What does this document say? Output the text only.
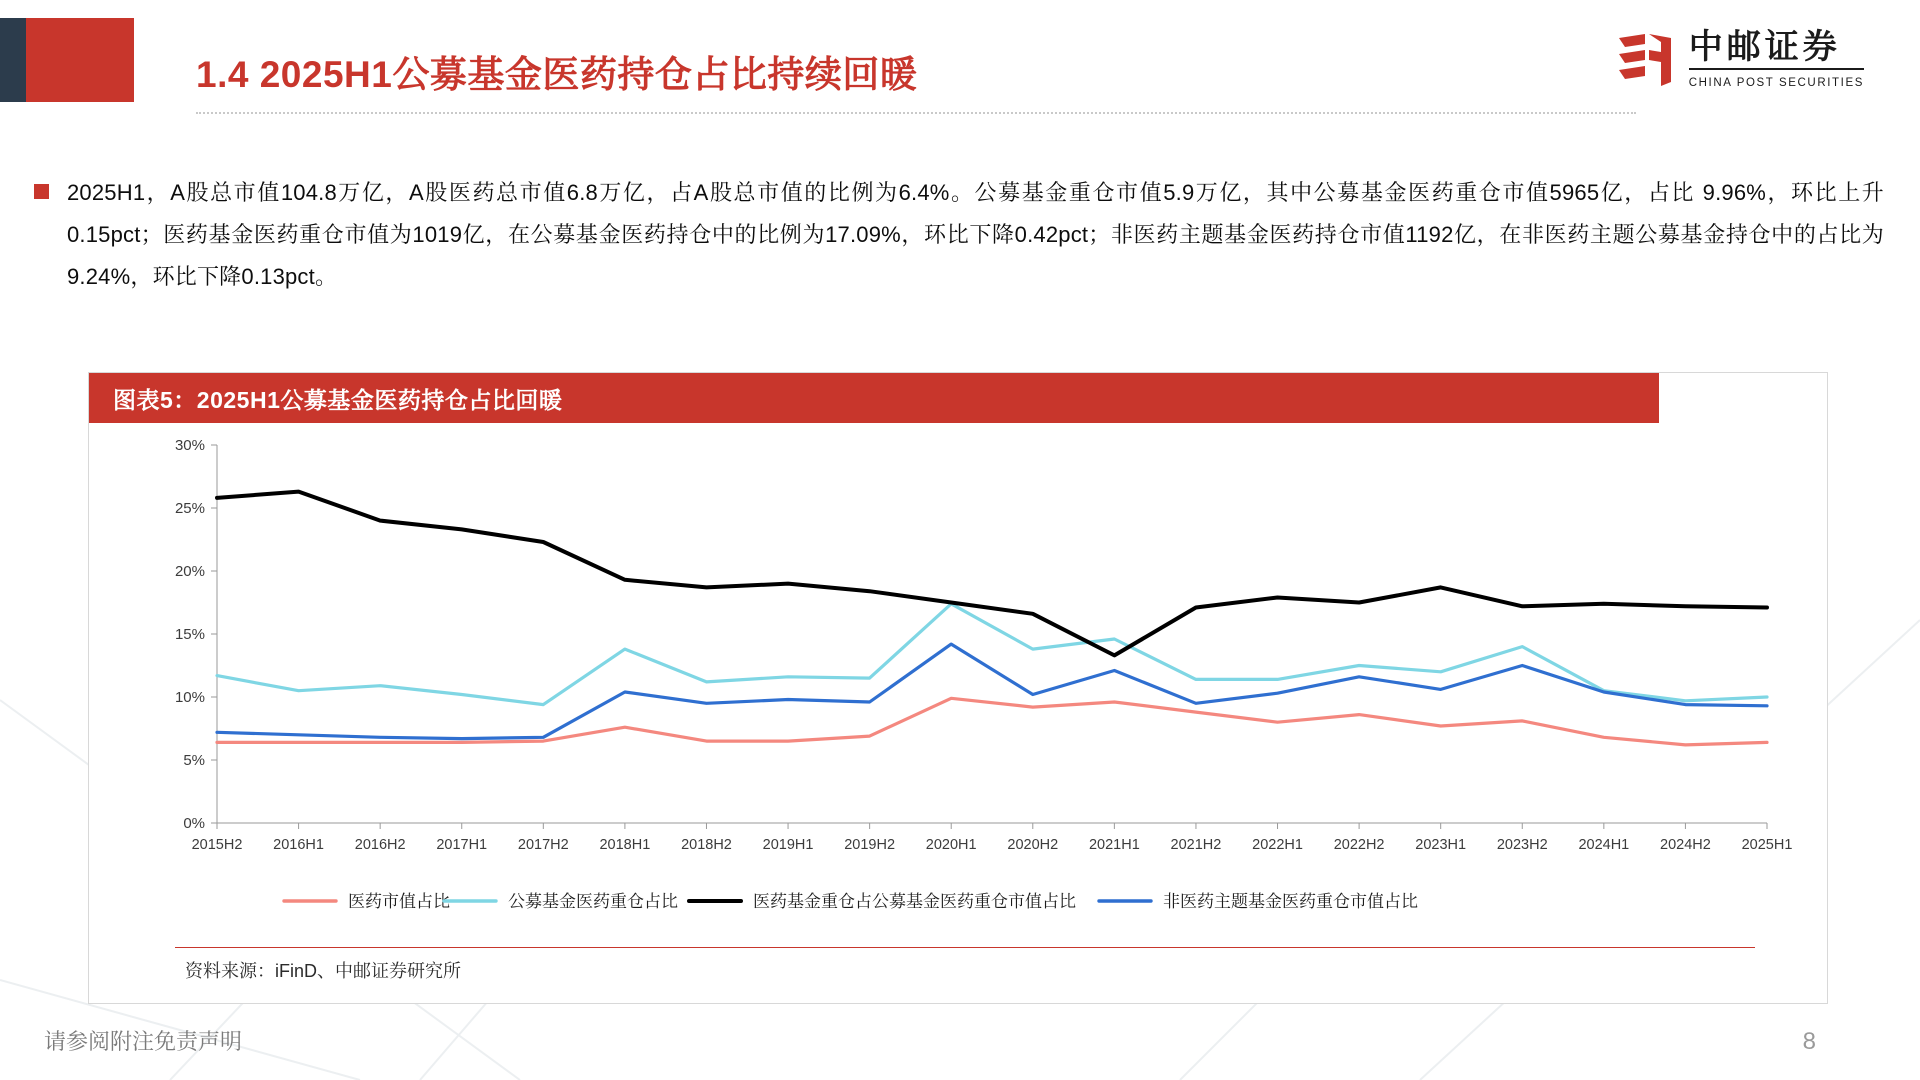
1.4 2025H1公募基金医药持仓占比持续回暖
中邮证券
CHINA POST SECURITIES
2025H1，A股总市值104.8万亿，A股医药总市值6.8万亿，占A股总市值的比例为6.4%。公募基金重仓市值5.9万亿，其中公募基金医药重仓市值5965亿，占比 9.96%，环比上升0.15pct；医药基金医药重仓市值为1019亿，在公募基金医药持仓中的比例为17.09%，环比下降0.42pct；非医药主题基金医药持仓市值1192亿，在非医药主题公募基金持仓中的占比为9.24%，环比下降0.13pct。
图表5：2025H1公募基金医药持仓占比回暖
0%
5%
10%
15%
20%
25%
30%
2015H2 2016H1 2016H2 2017H1 2017H2 2018H1 2018H2 2019H1 2019H2 2020H1 2020H2 2021H1 2021H2 2022H1 2022H2 2023H1 2023H2 2024H1 2024H2 2025H1
医药市值占比	公募基金医药重仓占比	医药基金重仓占公募基金医药重仓市值占比	非医药主题基金医药重仓市值占比
资料来源：iFinD、中邮证券研究所
请参阅附注免责声明	8
